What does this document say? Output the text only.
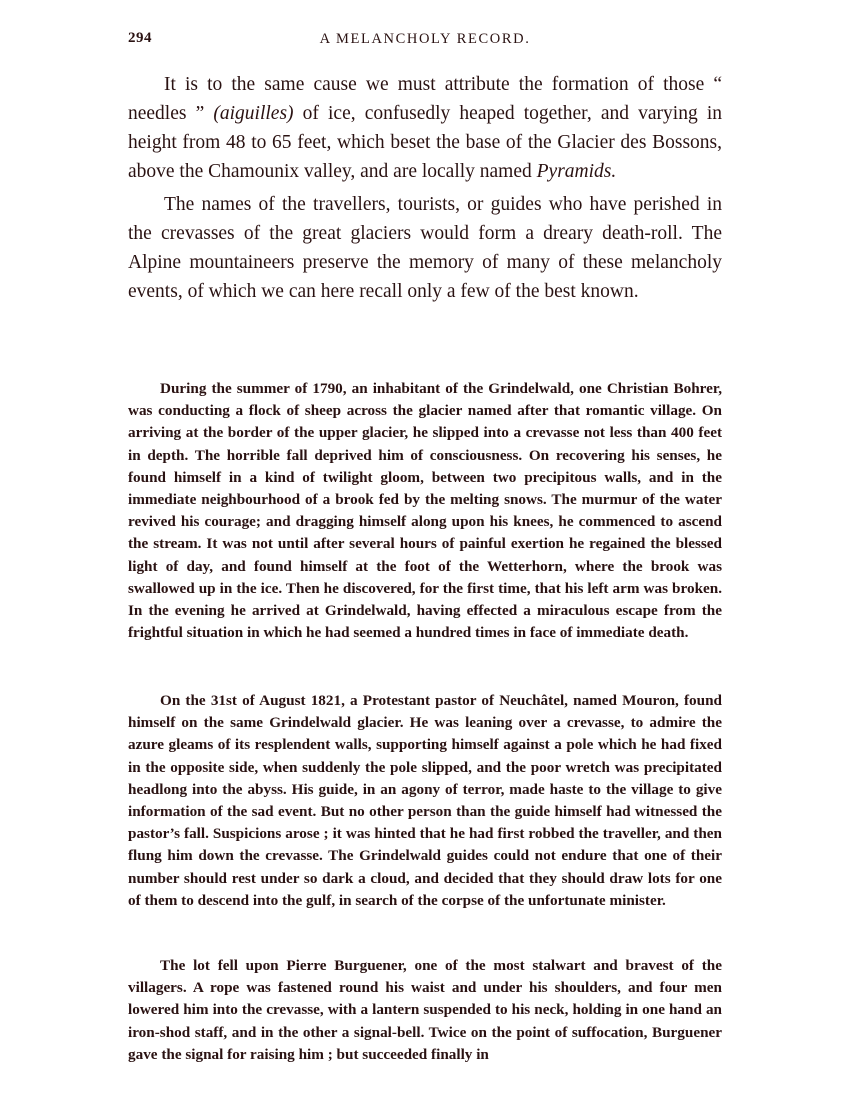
294	A MELANCHOLY RECORD.

It is to the same cause we must attribute the formation of those “ needles ” (aiguilles) of ice, confusedly heaped together, and varying in height from 48 to 65 feet, which beset the base of the Glacier des Bossons, above the Chamounix valley, and are locally named Pyramids.

The names of the travellers, tourists, or guides who have perished in the crevasses of the great glaciers would form a dreary death-roll. The Alpine mountaineers preserve the memory of many of these melancholy events, of which we can here recall only a few of the best known.

During the summer of 1790, an inhabitant of the Grindelwald, one Christian Bohrer, was conducting a flock of sheep across the glacier named after that romantic village. On arriving at the border of the upper glacier, he slipped into a crevasse not less than 400 feet in depth. The horrible fall deprived him of consciousness. On recovering his senses, he found himself in a kind of twilight gloom, between two precipitous walls, and in the immediate neighbourhood of a brook fed by the melting snows. The murmur of the water revived his courage; and dragging himself along upon his knees, he commenced to ascend the stream. It was not until after several hours of painful exertion he regained the blessed light of day, and found himself at the foot of the Wetterhorn, where the brook was swallowed up in the ice. Then he discovered, for the first time, that his left arm was broken. In the evening he arrived at Grindelwald, having effected a miraculous escape from the frightful situation in which he had seemed a hundred times in face of immediate death.

On the 31st of August 1821, a Protestant pastor of Neuchâtel, named Mouron, found himself on the same Grindelwald glacier. He was leaning over a crevasse, to admire the azure gleams of its resplendent walls, supporting himself against a pole which he had fixed in the opposite side, when suddenly the pole slipped, and the poor wretch was precipitated headlong into the abyss. His guide, in an agony of terror, made haste to the village to give information of the sad event. But no other person than the guide himself had witnessed the pastor’s fall. Suspicions arose ; it was hinted that he had first robbed the traveller, and then flung him down the crevasse. The Grindelwald guides could not endure that one of their number should rest under so dark a cloud, and decided that they should draw lots for one of them to descend into the gulf, in search of the corpse of the unfortunate minister.

The lot fell upon Pierre Burguener, one of the most stalwart and bravest of the villagers. A rope was fastened round his waist and under his shoulders, and four men lowered him into the crevasse, with a lantern suspended to his neck, holding in one hand an iron-shod staff, and in the other a signal-bell. Twice on the point of suffocation, Burguener gave the signal for raising him ; but succeeded finally in
